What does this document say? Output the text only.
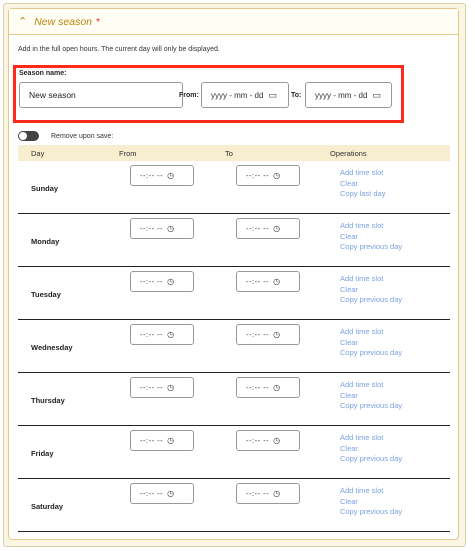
⌃ New season *
Add in the full open hours. The current day will only be displayed.
Season name:
New season
From: yyyy - mm - dd ▭ To: yyyy - mm - dd ▭
Remove upon save:
Day	From	To	Operations
Sunday
--:-- -- ◷	--:-- -- ◷	Add time slot
Clear
Copy last day
Monday
--:-- -- ◷	--:-- -- ◷	Add time slot
Clear
Copy previous day
Tuesday
--:-- -- ◷	--:-- -- ◷	Add time slot
Clear
Copy previous day
Wednesday
--:-- -- ◷	--:-- -- ◷	Add time slot
Clear
Copy previous day
Thursday
--:-- -- ◷	--:-- -- ◷	Add time slot
Clear
Copy previous day
Friday
--:-- -- ◷	--:-- -- ◷	Add time slot
Clear
Copy previous day
Saturday
--:-- -- ◷	--:-- -- ◷	Add time slot
Clear
Copy previous day
